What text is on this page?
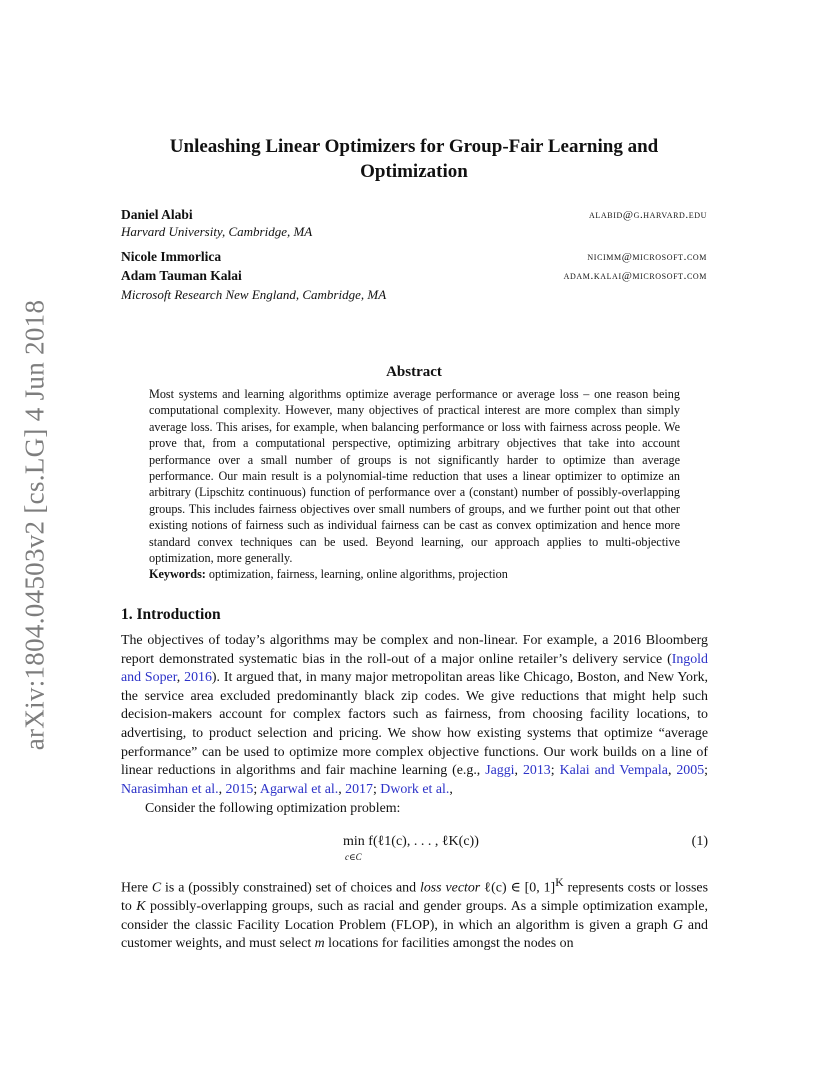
arXiv:1804.04503v2 [cs.LG] 4 Jun 2018
Unleashing Linear Optimizers for Group-Fair Learning and Optimization
Daniel Alabi	alabid@g.harvard.edu
Harvard University, Cambridge, MA
Nicole Immorlica	nicimm@microsoft.com
Adam Tauman Kalai	adam.kalai@microsoft.com
Microsoft Research New England, Cambridge, MA
Abstract

Most systems and learning algorithms optimize average performance or average loss – one reason being computational complexity. However, many objectives of practical interest are more complex than simply average loss. This arises, for example, when balancing performance or loss with fairness across people. We prove that, from a computational perspective, optimizing arbitrary objectives that take into account performance over a small number of groups is not significantly harder to optimize than average performance. Our main result is a polynomial-time reduction that uses a linear optimizer to optimize an arbitrary (Lipschitz continuous) function of performance over a (constant) number of possibly-overlapping groups. This includes fairness objectives over small numbers of groups, and we further point out that other existing notions of fairness such as individual fairness can be cast as convex optimization and hence more standard convex techniques can be used. Beyond learning, our approach applies to multi-objective optimization, more generally.

Keywords: optimization, fairness, learning, online algorithms, projection
1. Introduction

The objectives of today’s algorithms may be complex and non-linear. For example, a 2016 Bloomberg report demonstrated systematic bias in the roll-out of a major online retailer’s delivery service (Ingold and Soper, 2016). It argued that, in many major metropolitan areas like Chicago, Boston, and New York, the service area excluded predominantly black zip codes. We give reductions that might help such decision-makers account for complex factors such as fairness, from choosing facility locations, to advertising, to product selection and pricing. We show how existing systems that optimize “average performance” can be used to optimize more complex objective functions. Our work builds on a line of linear reductions in algorithms and fair machine learning (e.g., Jaggi, 2013; Kalai and Vempala, 2005; Narasimhan et al., 2015; Agarwal et al., 2017; Dwork et al.,

Consider the following optimization problem:

min f(ℓ1(c), . . . , ℓK(c))
c∈C
(1)

Here C is a (possibly constrained) set of choices and loss vector ℓ(c) ∈ [0, 1]$^K$ represents costs or losses to K possibly-overlapping groups, such as racial and gender groups. As a simple optimization example, consider the classic Facility Location Problem (FLOP), in which an algorithm is given a graph G and customer weights, and must select m locations for facilities amongst the nodes on
